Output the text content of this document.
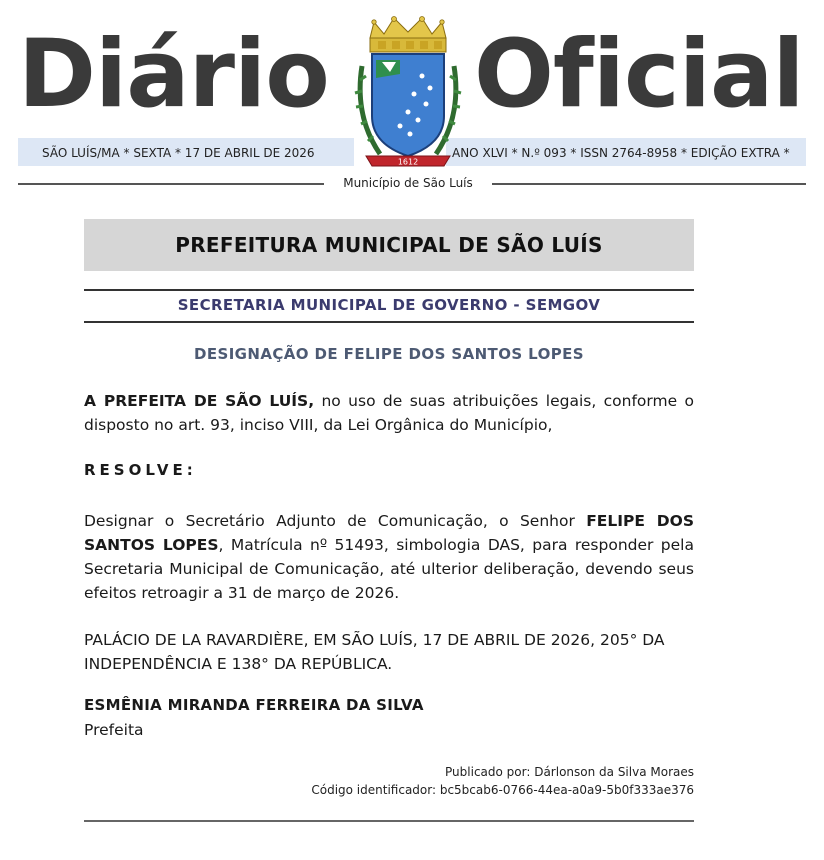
Diário Oficial
SÃO LUÍS/MA * SEXTA * 17 DE ABRIL DE 2026	ANO XLVI * N.º 093 * ISSN 2764-8958 * EDIÇÃO EXTRA *
1612
Município de São Luís
PREFEITURA MUNICIPAL DE SÃO LUÍS
SECRETARIA MUNICIPAL DE GOVERNO - SEMGOV
DESIGNAÇÃO DE FELIPE DOS SANTOS LOPES
A PREFEITA DE SÃO LUÍS, no uso de suas atribuições legais, conforme o disposto no art. 93, inciso VIII, da Lei Orgânica do Município,
RESOLVE:
Designar o Secretário Adjunto de Comunicação, o Senhor FELIPE DOS SANTOS LOPES, Matrícula nº 51493, simbologia DAS, para responder pela Secretaria Municipal de Comunicação, até ulterior deliberação, devendo seus efeitos retroagir a 31 de março de 2026.
PALÁCIO DE LA RAVARDIÈRE, EM SÃO LUÍS, 17 DE ABRIL DE 2026, 205° DA INDEPENDÊNCIA E 138° DA REPÚBLICA.
ESMÊNIA MIRANDA FERREIRA DA SILVA
Prefeita
Publicado por: Dárlonson da Silva Moraes
Código identificador: bc5bcab6-0766-44ea-a0a9-5b0f333ae376
